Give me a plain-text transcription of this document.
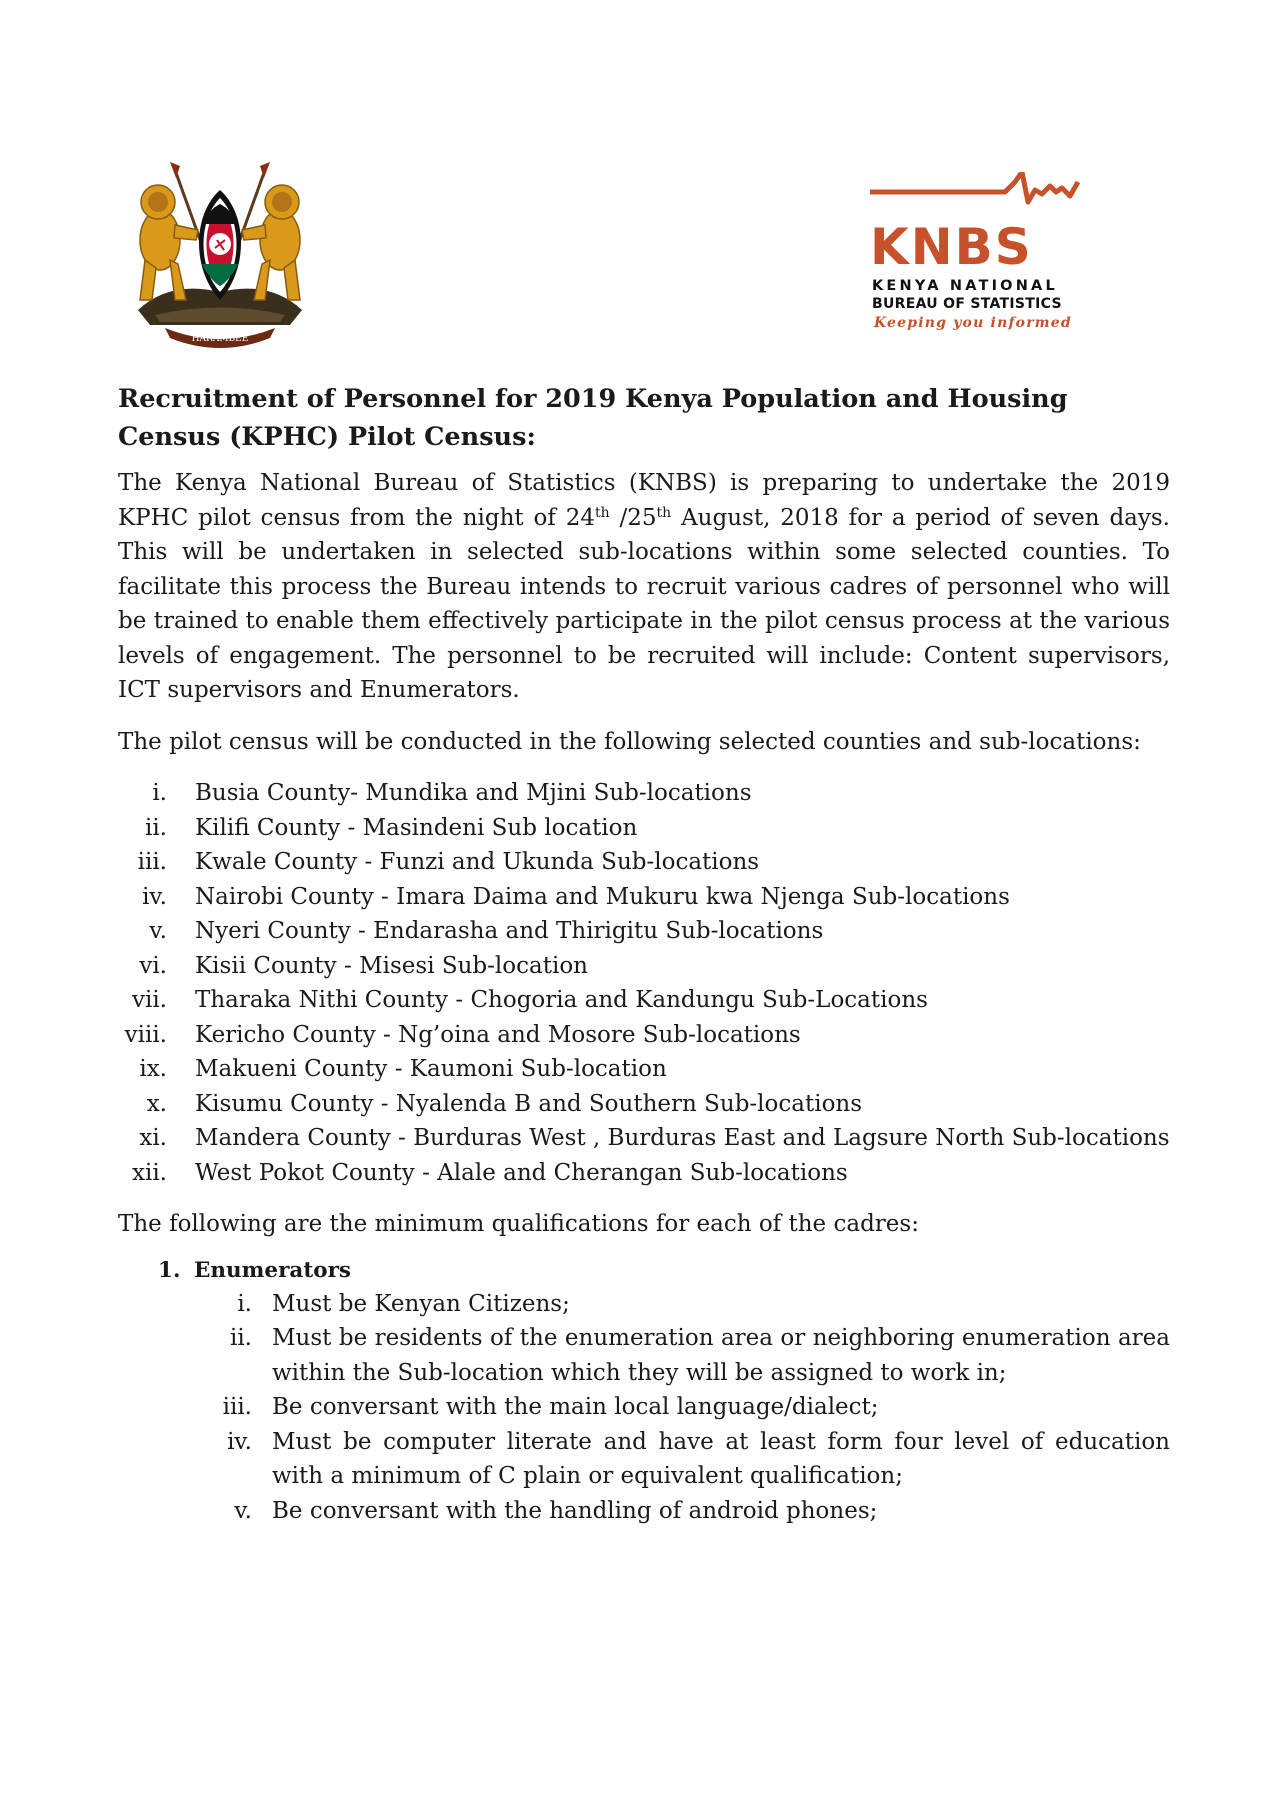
HARAMBEE
KNBS
KENYA NATIONAL
BUREAU OF STATISTICS
Keeping you informed
Recruitment of Personnel for 2019 Kenya Population and Housing Census (KPHC) Pilot Census:

The Kenya National Bureau of Statistics (KNBS) is preparing to undertake the 2019 KPHC pilot census from the night of 24th /25th August, 2018 for a period of seven days. This will be undertaken in selected sub-locations within some selected counties. To facilitate this process the Bureau intends to recruit various cadres of personnel who will be trained to enable them effectively participate in the pilot census process at the various levels of engagement. The personnel to be recruited will include: Content supervisors, ICT supervisors and Enumerators.

The pilot census will be conducted in the following selected counties and sub-locations:

i. Busia County- Mundika and Mjini Sub-locations
ii. Kilifi County - Masindeni Sub location
iii. Kwale County - Funzi and Ukunda Sub-locations
iv. Nairobi County - Imara Daima and Mukuru kwa Njenga Sub-locations
v. Nyeri County - Endarasha and Thirigitu Sub-locations
vi. Kisii County - Misesi Sub-location
vii. Tharaka Nithi County - Chogoria and Kandungu Sub-Locations
viii. Kericho County - Ng’oina and Mosore Sub-locations
ix. Makueni County - Kaumoni Sub-location
x. Kisumu County - Nyalenda B and Southern Sub-locations
xi. Mandera County - Burduras West , Burduras East and Lagsure North Sub-locations
xii. West Pokot County - Alale and Cherangan Sub-locations

The following are the minimum qualifications for each of the cadres:

1. Enumerators
i. Must be Kenyan Citizens;
ii. Must be residents of the enumeration area or neighboring enumeration area within the Sub-location which they will be assigned to work in;
iii. Be conversant with the main local language/dialect;
iv. Must be computer literate and have at least form four level of education with a minimum of C plain or equivalent qualification;
v. Be conversant with the handling of android phones;
